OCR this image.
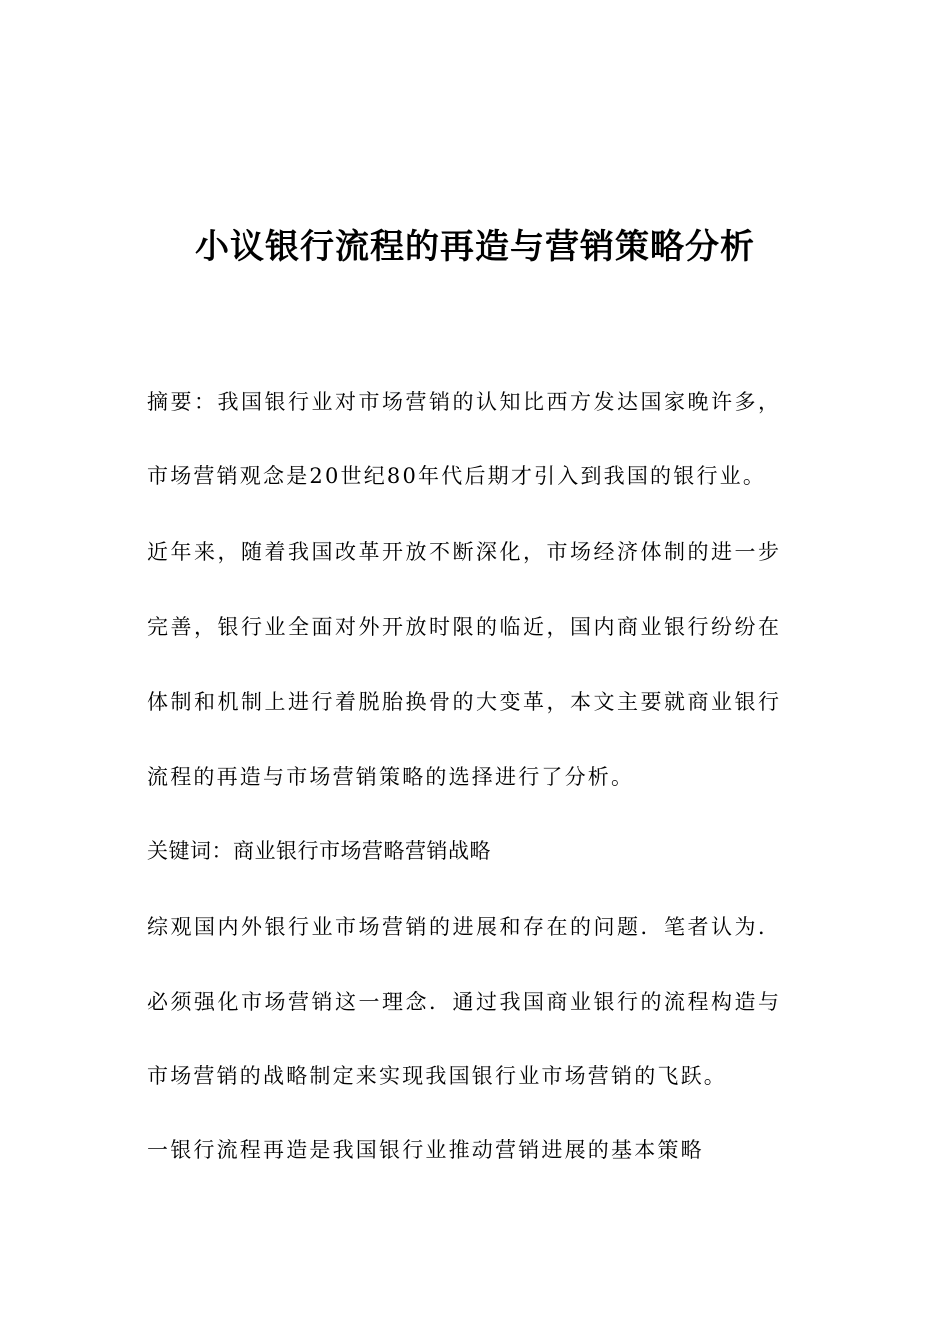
小议银行流程的再造与营销策略分析

摘要：我国银行业对市场营销的认知比西方发达国家晚许多，

市场营销观念是20世纪80年代后期才引入到我国的银行业。

近年来，随着我国改革开放不断深化，市场经济体制的进一步

完善，银行业全面对外开放时限的临近，国内商业银行纷纷在

体制和机制上进行着脱胎换骨的大变革，本文主要就商业银行

流程的再造与市场营销策略的选择进行了分析。

关键词：商业银行市场营略营销战略

综观国内外银行业市场营销的进展和存在的问题．笔者认为．

必须强化市场营销这一理念．通过我国商业银行的流程构造与

市场营销的战略制定来实现我国银行业市场营销的飞跃。

一银行流程再造是我国银行业推动营销进展的基本策略
